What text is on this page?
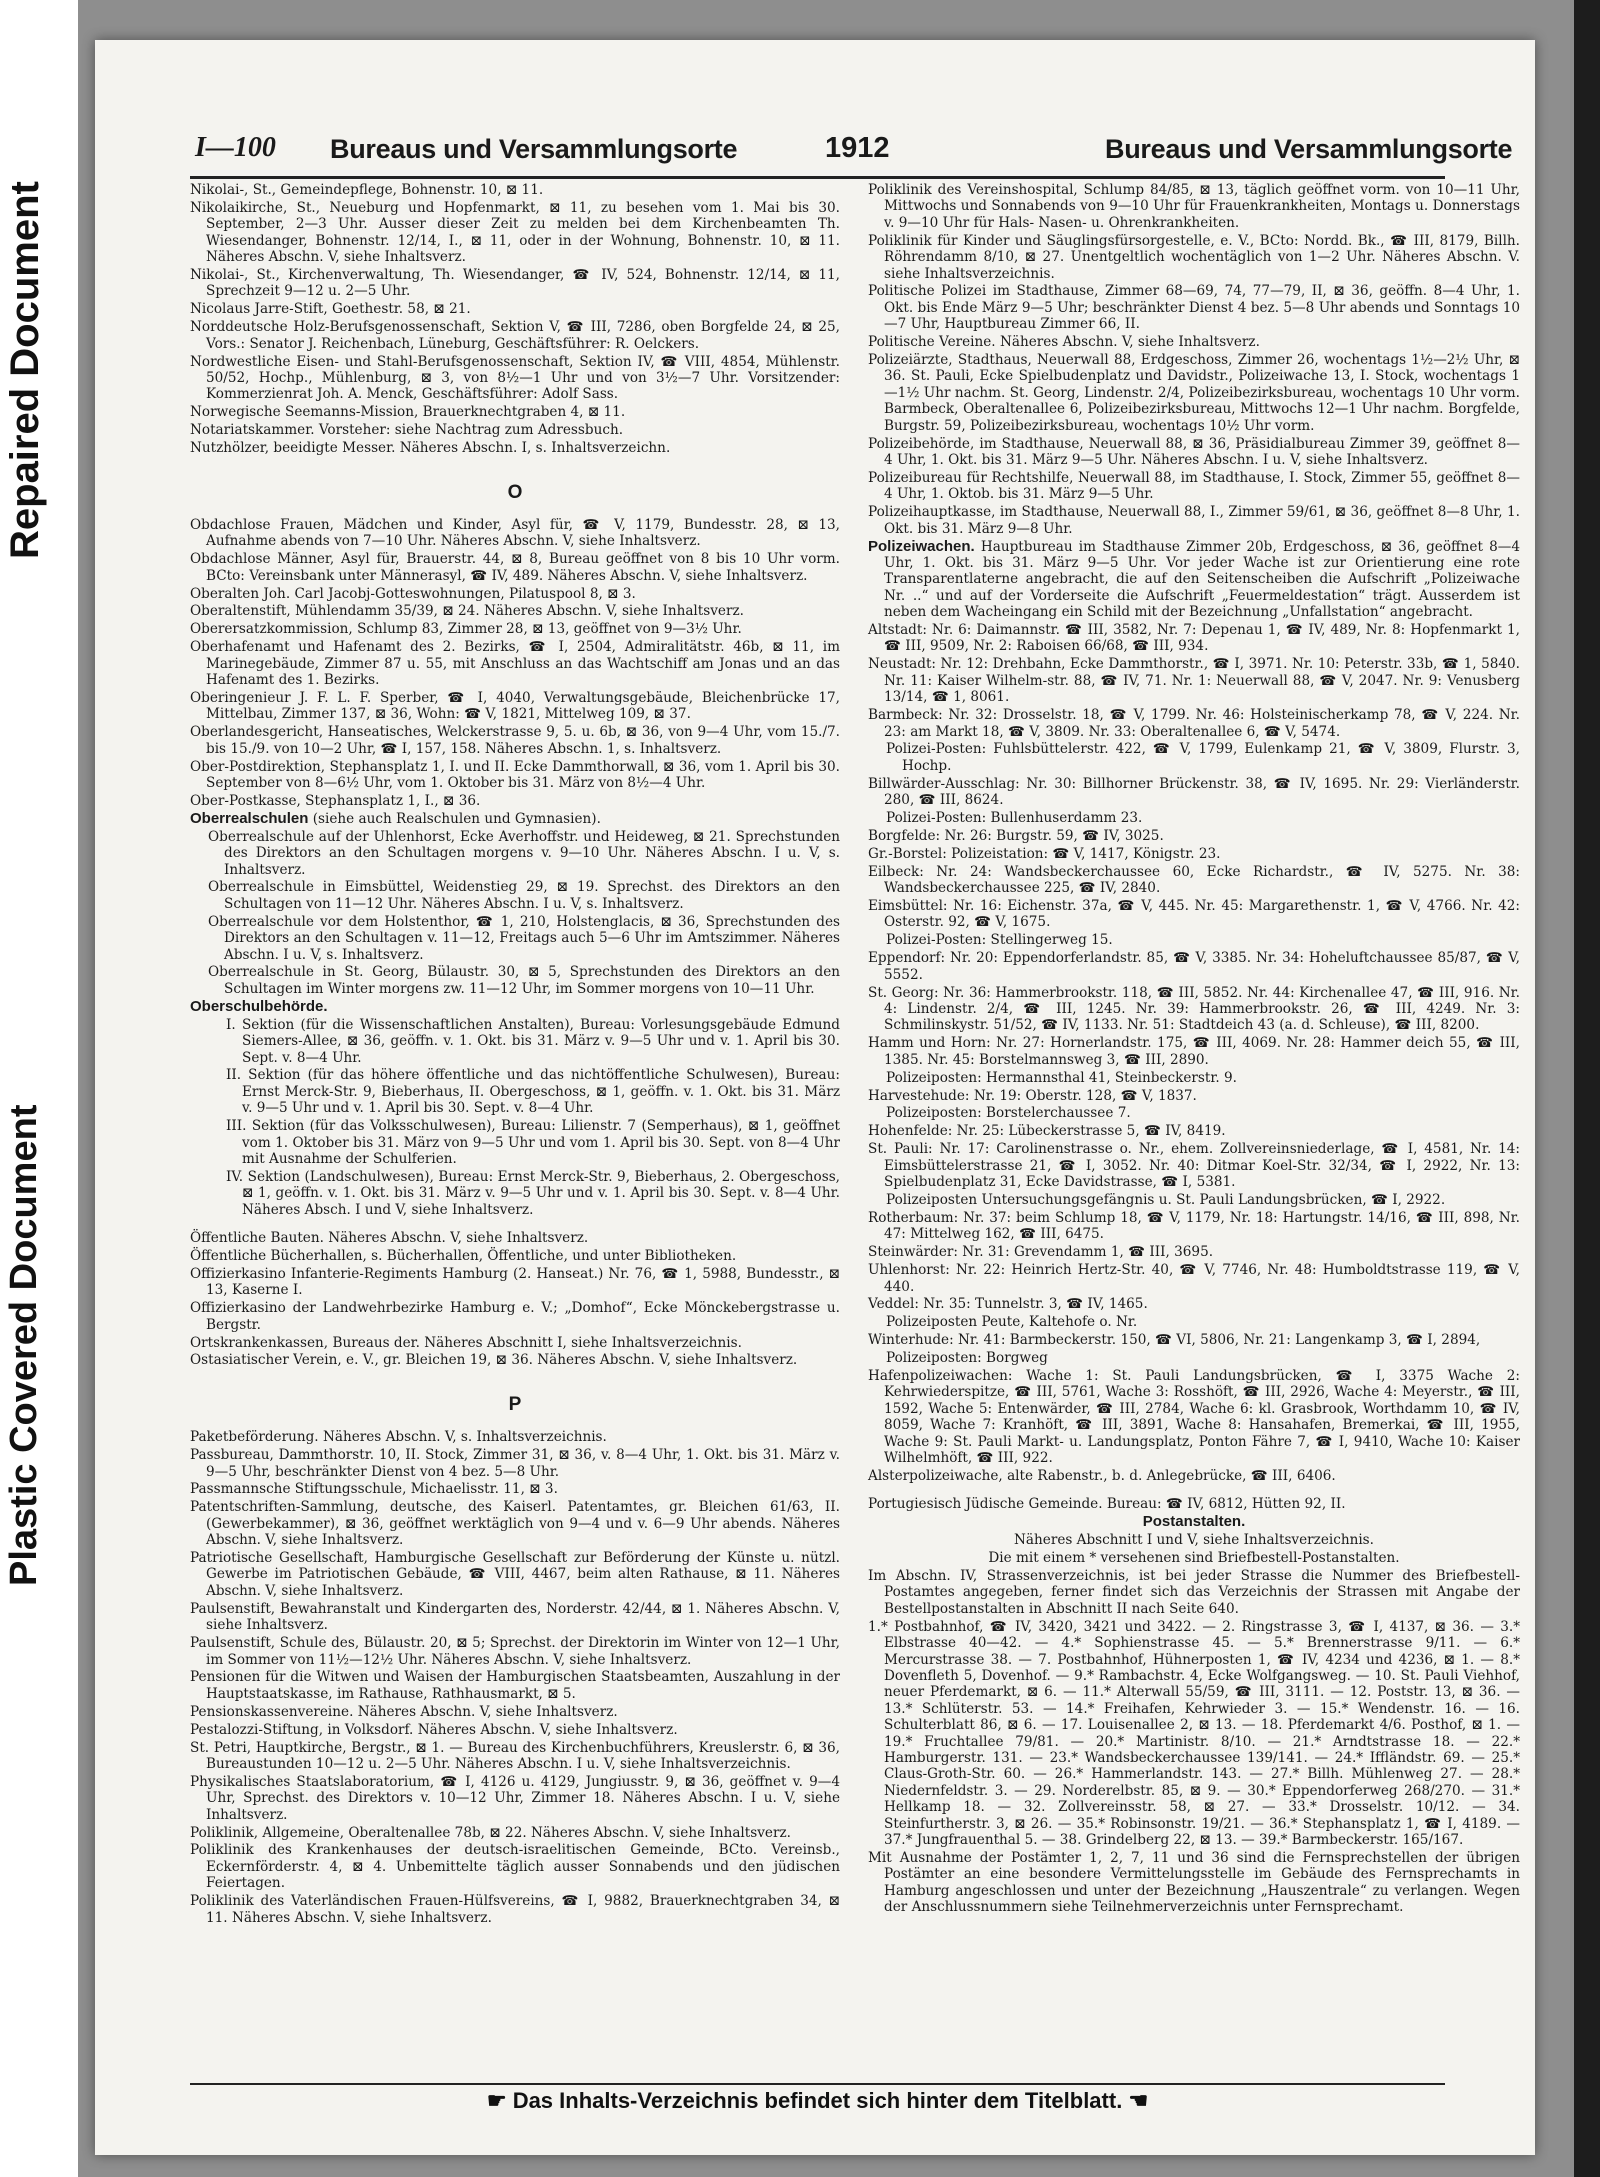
Repaired Document
Plastic Covered Document
I—100 Bureaus und Versammlungsorte	1912	Bureaus und Versammlungsorte

Nikolai-, St., Gemeindepflege, Bohnenstr. 10, ⊠ 11.

Nikolaikirche, St., Neueburg und Hopfenmarkt, ⊠ 11, zu besehen vom 1. Mai bis 30. September, 2—3 Uhr. Ausser dieser Zeit zu melden bei dem Kirchenbeamten Th. Wiesendanger, Bohnenstr. 12/14, I., ⊠ 11, oder in der Wohnung, Bohnenstr. 10, ⊠ 11. Näheres Abschn. V, siehe Inhaltsverz.

Nikolai-, St., Kirchenverwaltung, Th. Wiesendanger, ☎ IV, 524, Bohnenstr. 12/14, ⊠ 11, Sprechzeit 9—12 u. 2—5 Uhr.

Nicolaus Jarre-Stift, Goethestr. 58, ⊠ 21.

Norddeutsche Holz-Berufsgenossenschaft, Sektion V, ☎ III, 7286, oben Borgfelde 24, ⊠ 25, Vors.: Senator J. Reichenbach, Lüneburg, Geschäftsführer: R. Oelckers.

Nordwestliche Eisen- und Stahl-Berufsgenossenschaft, Sektion IV, ☎ VIII, 4854, Mühlenstr. 50/52, Hochp., Mühlenburg, ⊠ 3, von 8½—1 Uhr und von 3½—7 Uhr. Vorsitzender: Kommerzienrat Joh. A. Menck, Geschäftsführer: Adolf Sass.

Norwegische Seemanns-Mission, Brauerknechtgraben 4, ⊠ 11.

Notariatskammer. Vorsteher: siehe Nachtrag zum Adressbuch.

Nutzhölzer, beeidigte Messer. Näheres Abschn. I, s. Inhaltsverzeichn.

O

Obdachlose Frauen, Mädchen und Kinder, Asyl für, ☎ V, 1179, Bundesstr. 28, ⊠ 13, Aufnahme abends von 7—10 Uhr. Näheres Abschn. V, siehe Inhaltsverz.

Obdachlose Männer, Asyl für, Brauerstr. 44, ⊠ 8, Bureau geöffnet von 8 bis 10 Uhr vorm. BCto: Vereinsbank unter Männerasyl, ☎ IV, 489. Näheres Abschn. V, siehe Inhaltsverz.

Oberalten Joh. Carl Jacobj-Gotteswohnungen, Pilatuspool 8, ⊠ 3.

Oberaltenstift, Mühlendamm 35/39, ⊠ 24. Näheres Abschn. V, siehe Inhaltsverz.

Oberersatzkommission, Schlump 83, Zimmer 28, ⊠ 13, geöffnet von 9—3½ Uhr.

Oberhafenamt und Hafenamt des 2. Bezirks, ☎ I, 2504, Admiralitätstr. 46b, ⊠ 11, im Marinegebäude, Zimmer 87 u. 55, mit Anschluss an das Wachtschiff am Jonas und an das Hafenamt des 1. Bezirks.

Oberingenieur J. F. L. F. Sperber, ☎ I, 4040, Verwaltungsgebäude, Bleichenbrücke 17, Mittelbau, Zimmer 137, ⊠ 36, Wohn: ☎ V, 1821, Mittelweg 109, ⊠ 37.

Oberlandesgericht, Hanseatisches, Welckerstrasse 9, 5. u. 6b, ⊠ 36, von 9—4 Uhr, vom 15./7. bis 15./9. von 10—2 Uhr, ☎ I, 157, 158. Näheres Abschn. 1, s. Inhaltsverz.

Ober-Postdirektion, Stephansplatz 1, I. und II. Ecke Dammthorwall, ⊠ 36, vom 1. April bis 30. September von 8—6½ Uhr, vom 1. Oktober bis 31. März von 8½—4 Uhr.

Ober-Postkasse, Stephansplatz 1, I., ⊠ 36.

Oberrealschulen (siehe auch Realschulen und Gymnasien).

Oberrealschule auf der Uhlenhorst, Ecke Averhoffstr. und Heideweg, ⊠ 21. Sprechstunden des Direktors an den Schultagen morgens v. 9—10 Uhr. Näheres Abschn. I u. V, s. Inhaltsverz.

Oberrealschule in Eimsbüttel, Weidenstieg 29, ⊠ 19. Sprechst. des Direktors an den Schultagen von 11—12 Uhr. Näheres Abschn. I u. V, s. Inhaltsverz.

Oberrealschule vor dem Holstenthor, ☎ 1, 210, Holstenglacis, ⊠ 36, Sprechstunden des Direktors an den Schultagen v. 11—12, Freitags auch 5—6 Uhr im Amtszimmer. Näheres Abschn. I u. V, s. Inhaltsverz.

Oberrealschule in St. Georg, Bülaustr. 30, ⊠ 5, Sprechstunden des Direktors an den Schultagen im Winter morgens zw. 11—12 Uhr, im Sommer morgens von 10—11 Uhr.

Oberschulbehörde.

I. Sektion (für die Wissenschaftlichen Anstalten), Bureau: Vorlesungsgebäude Edmund Siemers-Allee, ⊠ 36, geöffn. v. 1. Okt. bis 31. März v. 9—5 Uhr und v. 1. April bis 30. Sept. v. 8—4 Uhr.

II. Sektion (für das höhere öffentliche und das nichtöffentliche Schulwesen), Bureau: Ernst Merck-Str. 9, Bieberhaus, II. Obergeschoss, ⊠ 1, geöffn. v. 1. Okt. bis 31. März v. 9—5 Uhr und v. 1. April bis 30. Sept. v. 8—4 Uhr.

III. Sektion (für das Volksschulwesen), Bureau: Lilienstr. 7 (Semperhaus), ⊠ 1, geöffnet vom 1. Oktober bis 31. März von 9—5 Uhr und vom 1. April bis 30. Sept. von 8—4 Uhr mit Ausnahme der Schulferien.

IV. Sektion (Landschulwesen), Bureau: Ernst Merck-Str. 9, Bieberhaus, 2. Obergeschoss, ⊠ 1, geöffn. v. 1. Okt. bis 31. März v. 9—5 Uhr und v. 1. April bis 30. Sept. v. 8—4 Uhr. Näheres Absch. I und V, siehe Inhaltsverz.

Öffentliche Bauten. Näheres Abschn. V, siehe Inhaltsverz.

Öffentliche Bücherhallen, s. Bücherhallen, Öffentliche, und unter Bibliotheken.

Offizierkasino Infanterie-Regiments Hamburg (2. Hanseat.) Nr. 76, ☎ 1, 5988, Bundesstr., ⊠ 13, Kaserne I.

Offizierkasino der Landwehrbezirke Hamburg e. V.; „Domhof“, Ecke Mönckebergstrasse u. Bergstr.

Ortskrankenkassen, Bureaus der. Näheres Abschnitt I, siehe Inhaltsverzeichnis.

Ostasiatischer Verein, e. V., gr. Bleichen 19, ⊠ 36. Näheres Abschn. V, siehe Inhaltsverz.

P

Paketbeförderung. Näheres Abschn. V, s. Inhaltsverzeichnis.

Passbureau, Dammthorstr. 10, II. Stock, Zimmer 31, ⊠ 36, v. 8—4 Uhr, 1. Okt. bis 31. März v. 9—5 Uhr, beschränkter Dienst von 4 bez. 5—8 Uhr.

Passmannsche Stiftungsschule, Michaelisstr. 11, ⊠ 3.

Patentschriften-Sammlung, deutsche, des Kaiserl. Patentamtes, gr. Bleichen 61/63, II. (Gewerbekammer), ⊠ 36, geöffnet werktäglich von 9—4 und v. 6—9 Uhr abends. Näheres Abschn. V, siehe Inhaltsverz.

Patriotische Gesellschaft, Hamburgische Gesellschaft zur Beförderung der Künste u. nützl. Gewerbe im Patriotischen Gebäude, ☎ VIII, 4467, beim alten Rathause, ⊠ 11. Näheres Abschn. V, siehe Inhaltsverz.

Paulsenstift, Bewahranstalt und Kindergarten des, Norderstr. 42/44, ⊠ 1. Näheres Abschn. V, siehe Inhaltsverz.

Paulsenstift, Schule des, Bülaustr. 20, ⊠ 5; Sprechst. der Direktorin im Winter von 12—1 Uhr, im Sommer von 11½—12½ Uhr. Näheres Abschn. V, siehe Inhaltsverz.

Pensionen für die Witwen und Waisen der Hamburgischen Staatsbeamten, Auszahlung in der Hauptstaatskasse, im Rathause, Rathhausmarkt, ⊠ 5.

Pensionskassenvereine. Näheres Abschn. V, siehe Inhaltsverz.

Pestalozzi-Stiftung, in Volksdorf. Näheres Abschn. V, siehe Inhaltsverz.

St. Petri, Hauptkirche, Bergstr., ⊠ 1. — Bureau des Kirchenbuchführers, Kreuslerstr. 6, ⊠ 36, Bureaustunden 10—12 u. 2—5 Uhr. Näheres Abschn. I u. V, siehe Inhaltsverzeichnis.

Physikalisches Staatslaboratorium, ☎ I, 4126 u. 4129, Jungiusstr. 9, ⊠ 36, geöffnet v. 9—4 Uhr, Sprechst. des Direktors v. 10—12 Uhr, Zimmer 18. Näheres Abschn. I u. V, siehe Inhaltsverz.

Poliklinik, Allgemeine, Oberaltenallee 78b, ⊠ 22. Näheres Abschn. V, siehe Inhaltsverz.

Poliklinik des Krankenhauses der deutsch-israelitischen Gemeinde, BCto. Vereinsb., Eckernförderstr. 4, ⊠ 4. Unbemittelte täglich ausser Sonnabends und den jüdischen Feiertagen.

Poliklinik des Vaterländischen Frauen-Hülfsvereins, ☎ I, 9882, Brauerknechtgraben 34, ⊠ 11. Näheres Abschn. V, siehe Inhaltsverz.

Poliklinik des Vereinshospital, Schlump 84/85, ⊠ 13, täglich geöffnet vorm. von 10—11 Uhr, Mittwochs und Sonnabends von 9—10 Uhr für Frauenkrankheiten, Montags u. Donnerstags v. 9—10 Uhr für Hals- Nasen- u. Ohrenkrankheiten.

Poliklinik für Kinder und Säuglingsfürsorgestelle, e. V., BCto: Nordd. Bk., ☎ III, 8179, Billh. Röhrendamm 8/10, ⊠ 27. Unentgeltlich wochentäglich von 1—2 Uhr. Näheres Abschn. V. siehe Inhaltsverzeichnis.

Politische Polizei im Stadthause, Zimmer 68—69, 74, 77—79, II, ⊠ 36, geöffn. 8—4 Uhr, 1. Okt. bis Ende März 9—5 Uhr; beschränkter Dienst 4 bez. 5—8 Uhr abends und Sonntags 10—7 Uhr, Hauptbureau Zimmer 66, II.

Politische Vereine. Näheres Abschn. V, siehe Inhaltsverz.

Polizeiärzte, Stadthaus, Neuerwall 88, Erdgeschoss, Zimmer 26, wochentags 1½—2½ Uhr, ⊠ 36. St. Pauli, Ecke Spielbudenplatz und Davidstr., Polizeiwache 13, I. Stock, wochentags 1—1½ Uhr nachm. St. Georg, Lindenstr. 2/4, Polizeibezirksbureau, wochentags 10 Uhr vorm. Barmbeck, Oberaltenallee 6, Polizeibezirksbureau, Mittwochs 12—1 Uhr nachm. Borgfelde, Burgstr. 59, Polizeibezirksbureau, wochentags 10½ Uhr vorm.

Polizeibehörde, im Stadthause, Neuerwall 88, ⊠ 36, Präsidialbureau Zimmer 39, geöffnet 8—4 Uhr, 1. Okt. bis 31. März 9—5 Uhr. Näheres Abschn. I u. V, siehe Inhaltsverz.

Polizeibureau für Rechtshilfe, Neuerwall 88, im Stadthause, I. Stock, Zimmer 55, geöffnet 8—4 Uhr, 1. Oktob. bis 31. März 9—5 Uhr.

Polizeihauptkasse, im Stadthause, Neuerwall 88, I., Zimmer 59/61, ⊠ 36, geöffnet 8—8 Uhr, 1. Okt. bis 31. März 9—8 Uhr.

Polizeiwachen. Hauptbureau im Stadthause Zimmer 20b, Erdgeschoss, ⊠ 36, geöffnet 8—4 Uhr, 1. Okt. bis 31. März 9—5 Uhr. Vor jeder Wache ist zur Orientierung eine rote Transparentlaterne angebracht, die auf den Seitenscheiben die Aufschrift „Polizeiwache Nr. ..“ und auf der Vorderseite die Aufschrift „Feuermeldestation“ trägt. Ausserdem ist neben dem Wacheingang ein Schild mit der Bezeichnung „Unfallstation“ angebracht.

Altstadt: Nr. 6: Daimannstr. ☎ III, 3582, Nr. 7: Depenau 1, ☎ IV, 489, Nr. 8: Hopfenmarkt 1, ☎ III, 9509, Nr. 2: Raboisen 66/68, ☎ III, 934.

Neustadt: Nr. 12: Drehbahn, Ecke Dammthorstr., ☎ I, 3971. Nr. 10: Peterstr. 33b, ☎ 1, 5840. Nr. 11: Kaiser Wilhelm-str. 88, ☎ IV, 71. Nr. 1: Neuerwall 88, ☎ V, 2047. Nr. 9: Venusberg 13/14, ☎ 1, 8061.

Barmbeck: Nr. 32: Drosselstr. 18, ☎ V, 1799. Nr. 46: Holsteinischerkamp 78, ☎ V, 224. Nr. 23: am Markt 18, ☎ V, 3809. Nr. 33: Oberaltenallee 6, ☎ V, 5474.

Polizei-Posten: Fuhlsbüttelerstr. 422, ☎ V, 1799, Eulenkamp 21, ☎ V, 3809, Flurstr. 3, Hochp.

Billwärder-Ausschlag: Nr. 30: Billhorner Brückenstr. 38, ☎ IV, 1695. Nr. 29: Vierländerstr. 280, ☎ III, 8624.

Polizei-Posten: Bullenhuserdamm 23.

Borgfelde: Nr. 26: Burgstr. 59, ☎ IV, 3025.

Gr.-Borstel: Polizeistation: ☎ V, 1417, Königstr. 23.

Eilbeck: Nr. 24: Wandsbeckerchaussee 60, Ecke Richardstr., ☎ IV, 5275. Nr. 38: Wandsbeckerchaussee 225, ☎ IV, 2840.

Eimsbüttel: Nr. 16: Eichenstr. 37a, ☎ V, 445. Nr. 45: Margarethenstr. 1, ☎ V, 4766. Nr. 42: Osterstr. 92, ☎ V, 1675.

Polizei-Posten: Stellingerweg 15.

Eppendorf: Nr. 20: Eppendorferlandstr. 85, ☎ V, 3385. Nr. 34: Hoheluftchaussee 85/87, ☎ V, 5552.

St. Georg: Nr. 36: Hammerbrookstr. 118, ☎ III, 5852. Nr. 44: Kirchenallee 47, ☎ III, 916. Nr. 4: Lindenstr. 2/4, ☎ III, 1245. Nr. 39: Hammerbrookstr. 26, ☎ III, 4249. Nr. 3: Schmilinskystr. 51/52, ☎ IV, 1133. Nr. 51: Stadtdeich 43 (a. d. Schleuse), ☎ III, 8200.

Hamm und Horn: Nr. 27: Hornerlandstr. 175, ☎ III, 4069. Nr. 28: Hammer deich 55, ☎ III, 1385. Nr. 45: Borstelmannsweg 3, ☎ III, 2890.

Polizeiposten: Hermannsthal 41, Steinbeckerstr. 9.

Harvestehude: Nr. 19: Oberstr. 128, ☎ V, 1837.

Polizeiposten: Borstelerchaussee 7.

Hohenfelde: Nr. 25: Lübeckerstrasse 5, ☎ IV, 8419.

St. Pauli: Nr. 17: Carolinenstrasse o. Nr., ehem. Zollvereinsniederlage, ☎ I, 4581, Nr. 14: Eimsbüttelerstrasse 21, ☎ I, 3052. Nr. 40: Ditmar Koel-Str. 32/34, ☎ I, 2922, Nr. 13: Spielbudenplatz 31, Ecke Davidstrasse, ☎ I, 5381.

Polizeiposten Untersuchungsgefängnis u. St. Pauli Landungsbrücken, ☎ I, 2922.

Rotherbaum: Nr. 37: beim Schlump 18, ☎ V, 1179, Nr. 18: Hartungstr. 14/16, ☎ III, 898, Nr. 47: Mittelweg 162, ☎ III, 6475.

Steinwärder: Nr. 31: Grevendamm 1, ☎ III, 3695.

Uhlenhorst: Nr. 22: Heinrich Hertz-Str. 40, ☎ V, 7746, Nr. 48: Humboldtstrasse 119, ☎ V, 440.

Veddel: Nr. 35: Tunnelstr. 3, ☎ IV, 1465.

Polizeiposten Peute, Kaltehofe o. Nr.

Winterhude: Nr. 41: Barmbeckerstr. 150, ☎ VI, 5806, Nr. 21: Langenkamp 3, ☎ I, 2894,

Polizeiposten: Borgweg

Hafenpolizeiwachen: Wache 1: St. Pauli Landungsbrücken, ☎ I, 3375 Wache 2: Kehrwiederspitze, ☎ III, 5761, Wache 3: Rosshöft, ☎ III, 2926, Wache 4: Meyerstr., ☎ III, 1592, Wache 5: Entenwärder, ☎ III, 2784, Wache 6: kl. Grasbrook, Worthdamm 10, ☎ IV, 8059, Wache 7: Kranhöft, ☎ III, 3891, Wache 8: Hansahafen, Bremerkai, ☎ III, 1955, Wache 9: St. Pauli Markt- u. Landungsplatz, Ponton Fähre 7, ☎ I, 9410, Wache 10: Kaiser Wilhelmhöft, ☎ III, 922.

Alsterpolizeiwache, alte Rabenstr., b. d. Anlegebrücke, ☎ III, 6406.

Portugiesisch Jüdische Gemeinde. Bureau: ☎ IV, 6812, Hütten 92, II.

Postanstalten.

Näheres Abschnitt I und V, siehe Inhaltsverzeichnis.

Die mit einem * versehenen sind Briefbestell-Postanstalten.

Im Abschn. IV, Strassenverzeichnis, ist bei jeder Strasse die Nummer des Briefbestell-Postamtes angegeben, ferner findet sich das Verzeichnis der Strassen mit Angabe der Bestellpostanstalten in Abschnitt II nach Seite 640.

1.* Postbahnhof, ☎ IV, 3420, 3421 und 3422. — 2. Ringstrasse 3, ☎ I, 4137, ⊠ 36. — 3.* Elbstrasse 40—42. — 4.* Sophienstrasse 45. — 5.* Brennerstrasse 9/11. — 6.* Mercurstrasse 38. — 7. Postbahnhof, Hühnerposten 1, ☎ IV, 4234 und 4236, ⊠ 1. — 8.* Dovenfleth 5, Dovenhof. — 9.* Rambachstr. 4, Ecke Wolfgangsweg. — 10. St. Pauli Viehhof, neuer Pferdemarkt, ⊠ 6. — 11.* Alterwall 55/59, ☎ III, 3111. — 12. Poststr. 13, ⊠ 36. — 13.* Schlüterstr. 53. — 14.* Freihafen, Kehrwieder 3. — 15.* Wendenstr. 16. — 16. Schulterblatt 86, ⊠ 6. — 17. Louisenallee 2, ⊠ 13. — 18. Pferdemarkt 4/6. Posthof, ⊠ 1. — 19.* Fruchtallee 79/81. — 20.* Martinistr. 8/10. — 21.* Arndtstrasse 18. — 22.* Hamburgerstr. 131. — 23.* Wandsbeckerchaussee 139/141. — 24.* Iffländstr. 69. — 25.* Claus-Groth-Str. 60. — 26.* Hammerlandstr. 143. — 27.* Billh. Mühlenweg 27. — 28.* Niedernfeldstr. 3. — 29. Norderelbstr. 85, ⊠ 9. — 30.* Eppendorferweg 268/270. — 31.* Hellkamp 18. — 32. Zollvereinsstr. 58, ⊠ 27. — 33.* Drosselstr. 10/12. — 34. Steinfurtherstr. 3, ⊠ 26. — 35.* Robinsonstr. 19/21. — 36.* Stephansplatz 1, ☎ I, 4189. — 37.* Jungfrauenthal 5. — 38. Grindelberg 22, ⊠ 13. — 39.* Barmbeckerstr. 165/167.

Mit Ausnahme der Postämter 1, 2, 7, 11 und 36 sind die Fernsprechstellen der übrigen Postämter an eine besondere Vermittelungsstelle im Gebäude des Fernsprechamts in Hamburg angeschlossen und unter der Bezeichnung „Hauszentrale“ zu verlangen. Wegen der Anschlussnummern siehe Teilnehmerverzeichnis unter Fernsprechamt.

☛ Das Inhalts-Verzeichnis befindet sich hinter dem Titelblatt. ☚
